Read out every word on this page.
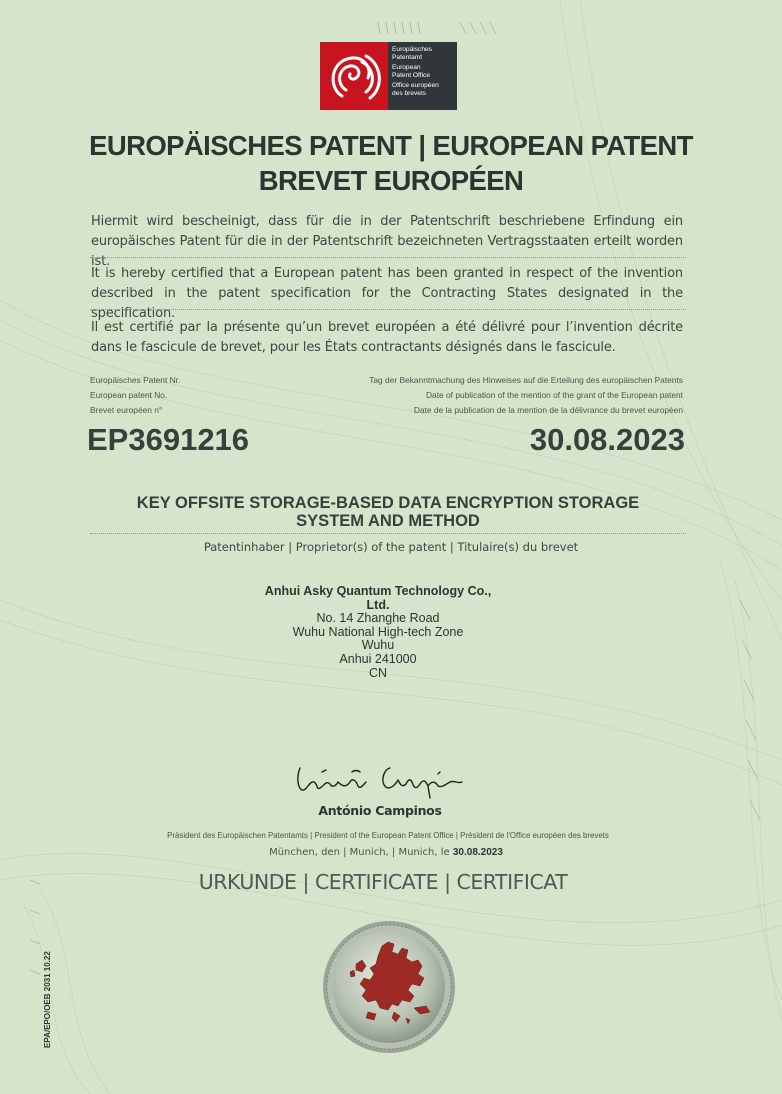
Europäisches
Patentamt
European
Patent Office
Office européen
des brevets
EUROPÄISCHES PATENT | EUROPEAN PATENT
BREVET EUROPÉEN
Hiermit wird bescheinigt, dass für die in der Patentschrift beschriebene Erfindung ein europäisches Patent für die in der Patentschrift bezeichneten Vertragsstaaten erteilt worden ist.
It is hereby certified that a European patent has been granted in respect of the invention described in the patent specification for the Contracting States designated in the specification.
Il est certifié par la présente qu’un brevet européen a été délivré pour l’invention décrite dans le fascicule de brevet, pour les États contractants désignés dans le fascicule.
Europäisches Patent Nr.
European patent No.
Brevet européen n°
Tag der Bekanntmachung des Hinweises auf die Erteilung des europäischen Patents
Date of publication of the mention of the grant of the European patent
Date de la publication de la mention de la délivrance du brevet européen
EP3691216	30.08.2023
KEY OFFSITE STORAGE-BASED DATA ENCRYPTION STORAGE
SYSTEM AND METHOD
Patentinhaber | Proprietor(s) of the patent | Titulaire(s) du brevet
Anhui Asky Quantum Technology Co.,
Ltd.
No. 14 Zhanghe Road
Wuhu National High-tech Zone
Wuhu
Anhui 241000
CN
António Campinos
Präsident des Europäischen Patentamts | President of the European Patent Office | Président de l'Office européen des brevets
München, den | Munich, | Munich, le 30.08.2023
URKUNDE | CERTIFICATE | CERTIFICAT
EPA/EPO/OEB 2031 10.22
